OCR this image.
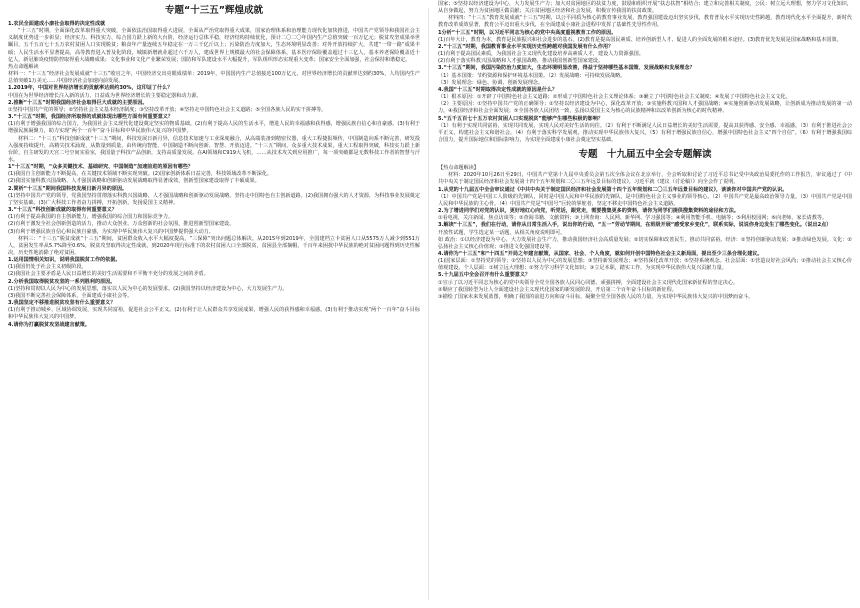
专题“十三五”辉煌成就
1.农民全面建成小康社会取得的决定性成就
“十三五”时期，全面深化改革取得重大突破，全面依法治国取得重大进展，全面从严治党取得重大成果，国家治理体系和治理能力现代化加快推进，中国共产党领导和我国社会主义制度优势进一步彰显；经济实力、科技实力、综合国力跃上新的大台阶，经济运行总体平稳，经济结构持续优化，预计二〇二〇年国内生产总值突破一百万亿元；脱贫攻坚成果举世瞩目，五千五百七十五万农村贫困人口实现脱贫；粮食年产量连续五年稳定在一万三千亿斤以上；污染防治力度加大，生态环境明显改善；对外开放持续扩大，共建“一带一路”成果丰硕；人民生活水平显著提高，高等教育进入普及化阶段，城镇新增就业超过六千万人，建成世界上规模最大的社会保障体系，基本医疗保险覆盖超过十三亿人，基本养老保险覆盖近十亿人，新冠肺炎疫情防控取得重大战略成果；文化事业和文化产业繁荣发展；国防和军队建设水平大幅提升，军队组织形态实现重大变革；国家安全全面加强，社会保持和谐稳定。
热点命题解读
材料一：“十三五”经济社会发展成就“十三五”收官之年，中国经济交出亮眼成绩单：2019年，中国国内生产总值接近100万亿元，对世界经济增长的贡献率达到约30%，人均国内生产总值突破1万美元……中国经济社会加速向前发展。
1.2019年，中国对世界经济增长的贡献率达到约30%，这印证了什么？
中国在为世界经济增长注入新的活力，日益成为世界经济增长的主要稳定器和动力源。
2.推断“十三五”时期我国经济社会取得巨大成就的主要原因。
①坚持中国共产党的领导；②坚持社会主义基本经济制度；③坚持改革开放；④坚持走中国特色社会主义道路；⑤全国各族人民的实干拼搏等。
3.“十三五”时期，我国经济所取得的成就体现出哪些方面有何重要意义？
(1)有利于增强我国的综合国力，为我国社会主义现代化建设奠定坚实的物质基础。(2)有利于提高人民的生活水平，增进人民的幸福感和获得感，增强民族自信心和自豪感。(3)有利于增强民族凝聚力，助力实现“两个一百年”奋斗目标和中华民族伟大复兴的中国梦。
材料二：“十三五”科技创新成就“十三五”期间，科技发展日新月异，信息技术加速与工业深度融合，从高端装备到精密仪器，重大工程捷报频传，中国制造向系不断完善，研发投入强度持续提升，高精尖技术涌现，从数量到质量，由传统向智能，中国制造不断向创新、智慧、开放迈进。“十三五”期间，众多重大技术成果，重大工程取得突破，科技实力跃上新台阶，自主研发的天宫二号空间实验室，我国量子科技产品创新，支持高质量发展。在AI领域和C919大飞机，……从技术攻关到应用推广，每一项突破都是无数科技工作者的智慧与汗水。
1“十三五”时期，“众多关键技术、基础研究、中国制造”加速前进的原因有哪些？
(1)我国自主创新能力不断提高，在关键技术领域不断实现突破。(2)国家创新体系日益完善，科技领域改革不断深化。
(2)我国实施科教兴国战略、人才强国战略和创新驱动发展战略取得显著成效，创新型国家建设取得了丰硕成果。
2.简析“十三五”期间我国科技发展日新月异的原因。
(1)坚持中国共产党的领导，党我国坚持贯彻落实科教兴国战略、人才强国战略和创新驱动发展战略，坚持走中国特色自主创新道路。(2)我国拥有强大的人才资源，为科技事业发展奠定了坚实基础。(3)广大科技工作者奋力拼搏，开拓创新，发扬爱国主义精神。
3.“十三五”科技创新成就的取得有何重要意义？
(1)有利于提高我国的自主创新能力，增强我国的综合国力和国际竞争力。
(2)有利于激发全社会创新创造的活力，推动大众创业、万众创新的社会氛围，推进创新型国家建设。
(3)有利于增强民族自信心和民族自豪感，为实现中华民族伟大复兴的中国梦提供强大动力。
材料三：“十三五”脱贫成就“十三五”期间，贫困群众收入水平大幅度提高，“三保障”突出问题总体解决。从2015年到2019年，全国建档立卡贫困人口从5575万人减少到551万人，贫困发生率从5.7%降至0.6%，脱贫攻坚取得决定性成就。到2020年现行标准下的农村贫困人口全部脱贫，贫困县全部摘帽，千百年来困扰中华民族的绝对贫困问题得到历史性解决，历史性地消除了绝对贫困。
1.运用国情相关知识，说明我国脱贫工作的依据。
(1)我国仍处于社会主义初级阶段。
(2)我国社会主要矛盾是人民日益增长的美好生活需要和不平衡不充分的发展之间的矛盾。
2.分析我国取得脱贫攻坚的一系列胜利的原因。
(1)坚持和贯彻以人民为中心的发展思想，落实以人民为中心的发展要求。(2)我国坚持以经济建设为中心，大力发展生产力。
(3)我国不断完善社会保障体系，全面建成小康社会等。
3.我国坚定不移推进脱贫攻坚有什么重要意义？
(1)有利于推动城乡、区域协调发展，实现共同富裕，促进社会公平正义。(2)有利于让人民群众共享发展成果，增强人民的获得感和幸福感。(3)有利于推动实现“两个一百年”奋斗目标和中华民族伟大复兴的中国梦。
4.请你为打赢脱贫攻坚战建言献策。
国家；⑤坚持以经济建设为中心，大力发展生产力；加大对贫困地区的扶贫力度，鼓励和组织开展“扶志扶智”相结合；建立和完善相关制度，公民：树立远大理想，努力学习文化知识，从自身做起，努力为贫困地区做贡献；关注贫困地区经济和社会发展，积极宣传我国的扶贫政策。
材料四：“十三五”教育发展成就“十三五”时期，以公平同质为核心的教育事业发展，教育强国建设迈出坚实步伐，教育普及水平实现历史性跨越，教育现代化水平全面提升，新时代教育改革成效显著，教育公平迈出重大步伐，在全面建成小康社会进程中发挥了基础性先导性作用。
1分析“十三五”时期，以习近平同志为核心的党中央高度重视教育工作的原因。
(1)百年大计，教育为本，教育是民族振兴和社会进步的基石。(2)教育是提高国民素质、培养创新型人才、促进人的全面发展的根本途径。(3)教育优先发展是国家战略和基本国策。
2.“十三五”时期，我国教育事业水平实现历史性跨越对我国发展有什么作用？
(1)有利于提高国民素质，为我国社会主义现代化建设培养高素质人才，建设人力资源强国。
(2)有利于落实科教兴国战略和人才强国战略，推动我国创新型国家建设。
3.“十三五”期间，我国污染防治力度加大，生态环境明显改善，得益于坚持哪些基本国策、发展战略和发展理念？
（1）基本国策：节约资源和保护环境基本国策。（2）发展战略：可持续发展战略。
（3）发展理念：绿色、协调、创新发展理念。
4.我国“十三五”时期取得决定性成就的原因是什么？
（1）根本原因：①开辟了中国特色社会主义道路；②形成了中国特色社会主义理论体系；③确立了中国特色社会主义制度；④发展了中国特色社会主义文化。
（2）主要原因：①坚持中国共产党的正确领导；②坚持以经济建设为中心，深化改革开放；③实施科教兴国和人才强国战略；④实施创新驱动发展战略，让创新成为推动发展的第一动力，④我国经济和社会全面发展；⑤全国各族人民团结一致，弘扬以爱国主义为核心的民族精神和以改革创新为核心的时代精神。
5.“五千五百七十五万农村贫困人口实现脱贫”能够产生哪些积极的影响？
（1）有利于实现共同富裕，实现共同发展，实现人民对美好生活的向往。（2）有利于不断满足人民日益增长的美好生活需要，提高其获得感、安全感、幸福感。（3）有利于推进社会公平正义，构建社会主义和谐社会。（4）有利于落实科学发展观，推动实现中华民族伟大复兴。（5）有利于增强民族自信心，增强中国特色社会主义“四个自信”。（6）有利于增强我国综合国力，提升国际地位和国际影响力，为实现全面建成小康社会奠定坚实基础。
专题　十九届五中全会专题解读
【热点命题解读】
材料：2020年10月26日至29日，中国共产党第十九届中央委员会第五次全体会议在北京举行，全会听取和讨论了习近平总书记受中央政治局委托作的工作报告，审议通过了《中共中央关于制定国民经济和社会发展第十四个五年规划和二〇三五年远景目标的建议》，习近平就《建议（讨论稿）》向全会作了说明。
1.从党的十九届五中全会审议通过《中共中央关于制定国民经济和社会发展第十四个五年规划和二〇三五年远景目标的建议》，谈谈你对中国共产党的认识。
（1）中国共产党是中国工人阶级的先锋队，同时是中国人民和中华民族的先锋队，是中国特色社会主义事业的领导核心。（2）中国共产党是最高政治领导力量。（3）中国共产党是中国人民和中华民族的主心骨。（4）中国共产党是“中国号”巨轮的掌舵者，坚定不移走中国特色社会主义道路。
2.为了增进同学们对党的认识，更好地红心向党，听党话，跟党走，需要搜集更多的资料，请你为同学们提供搜集资料的途径和方法。
①看电视，关注新闻、焦点访谈等；②查阅书籍、文献资料；③上网查询：人民网、新华网、学习强国等；④利用智能手机、电脑等；⑤利用校园网；⑥向老师、家长请教等。
3.解读“十三五”，我们在行动，请你从日常生活入手，说出你的行动，“五一”劳动节期间，在班级开展“感受家乡变化”，联系实际，说说你身边发生了哪些变化。（说出2点）
开放性试题，学生选定某一话题，从相关角度说明即可。
如 政治：①以经济建设为中心，大力发展社会生产力，推动我国经济社会高质量发展；②切实保障和改善民生，推动共同富裕。经济：②坚持创新驱动发展；③推动绿色发展。文化：②弘扬社会主义核心价值观；③推进文化强国建设等。
4.请你为“十三五”和“十四五”开局之年建言献策，从国家、社会、个人角度，就如何开创中国特色社会主义新局面，提出至少三条合理化建议。
(1)国家层面：①坚持党的领导；②坚持以人民为中心的发展思想；③坚持新发展理念；④坚持深化改革开放；⑤坚持系统观念。社会层面：①营造良好社会风尚；②推动社会主义核心价值观建设。个人层面：①树立远大理想；②努力学习科学文化知识；③立足本职，踏实工作，为实现中华民族伟大复兴贡献力量。
5.十九届五中全会召开有什么重要意义？
①宣示了以习近平同志为核心的党中央领导全党全国各族人民同心同德、顽强拼搏，全面建设社会主义现代化国家新征程的坚定决心。
②顺应了我国转型为让人全面建设社会主义现代化国家的新发展阶段，开启第二个百年奋斗目标的新征程。
③描绘了国家未来发展蓝图，明确了我国的前进方向和奋斗目标，凝聚全党全国各族人民的力量，为实现中华民族伟大复兴的中国梦而奋斗。
